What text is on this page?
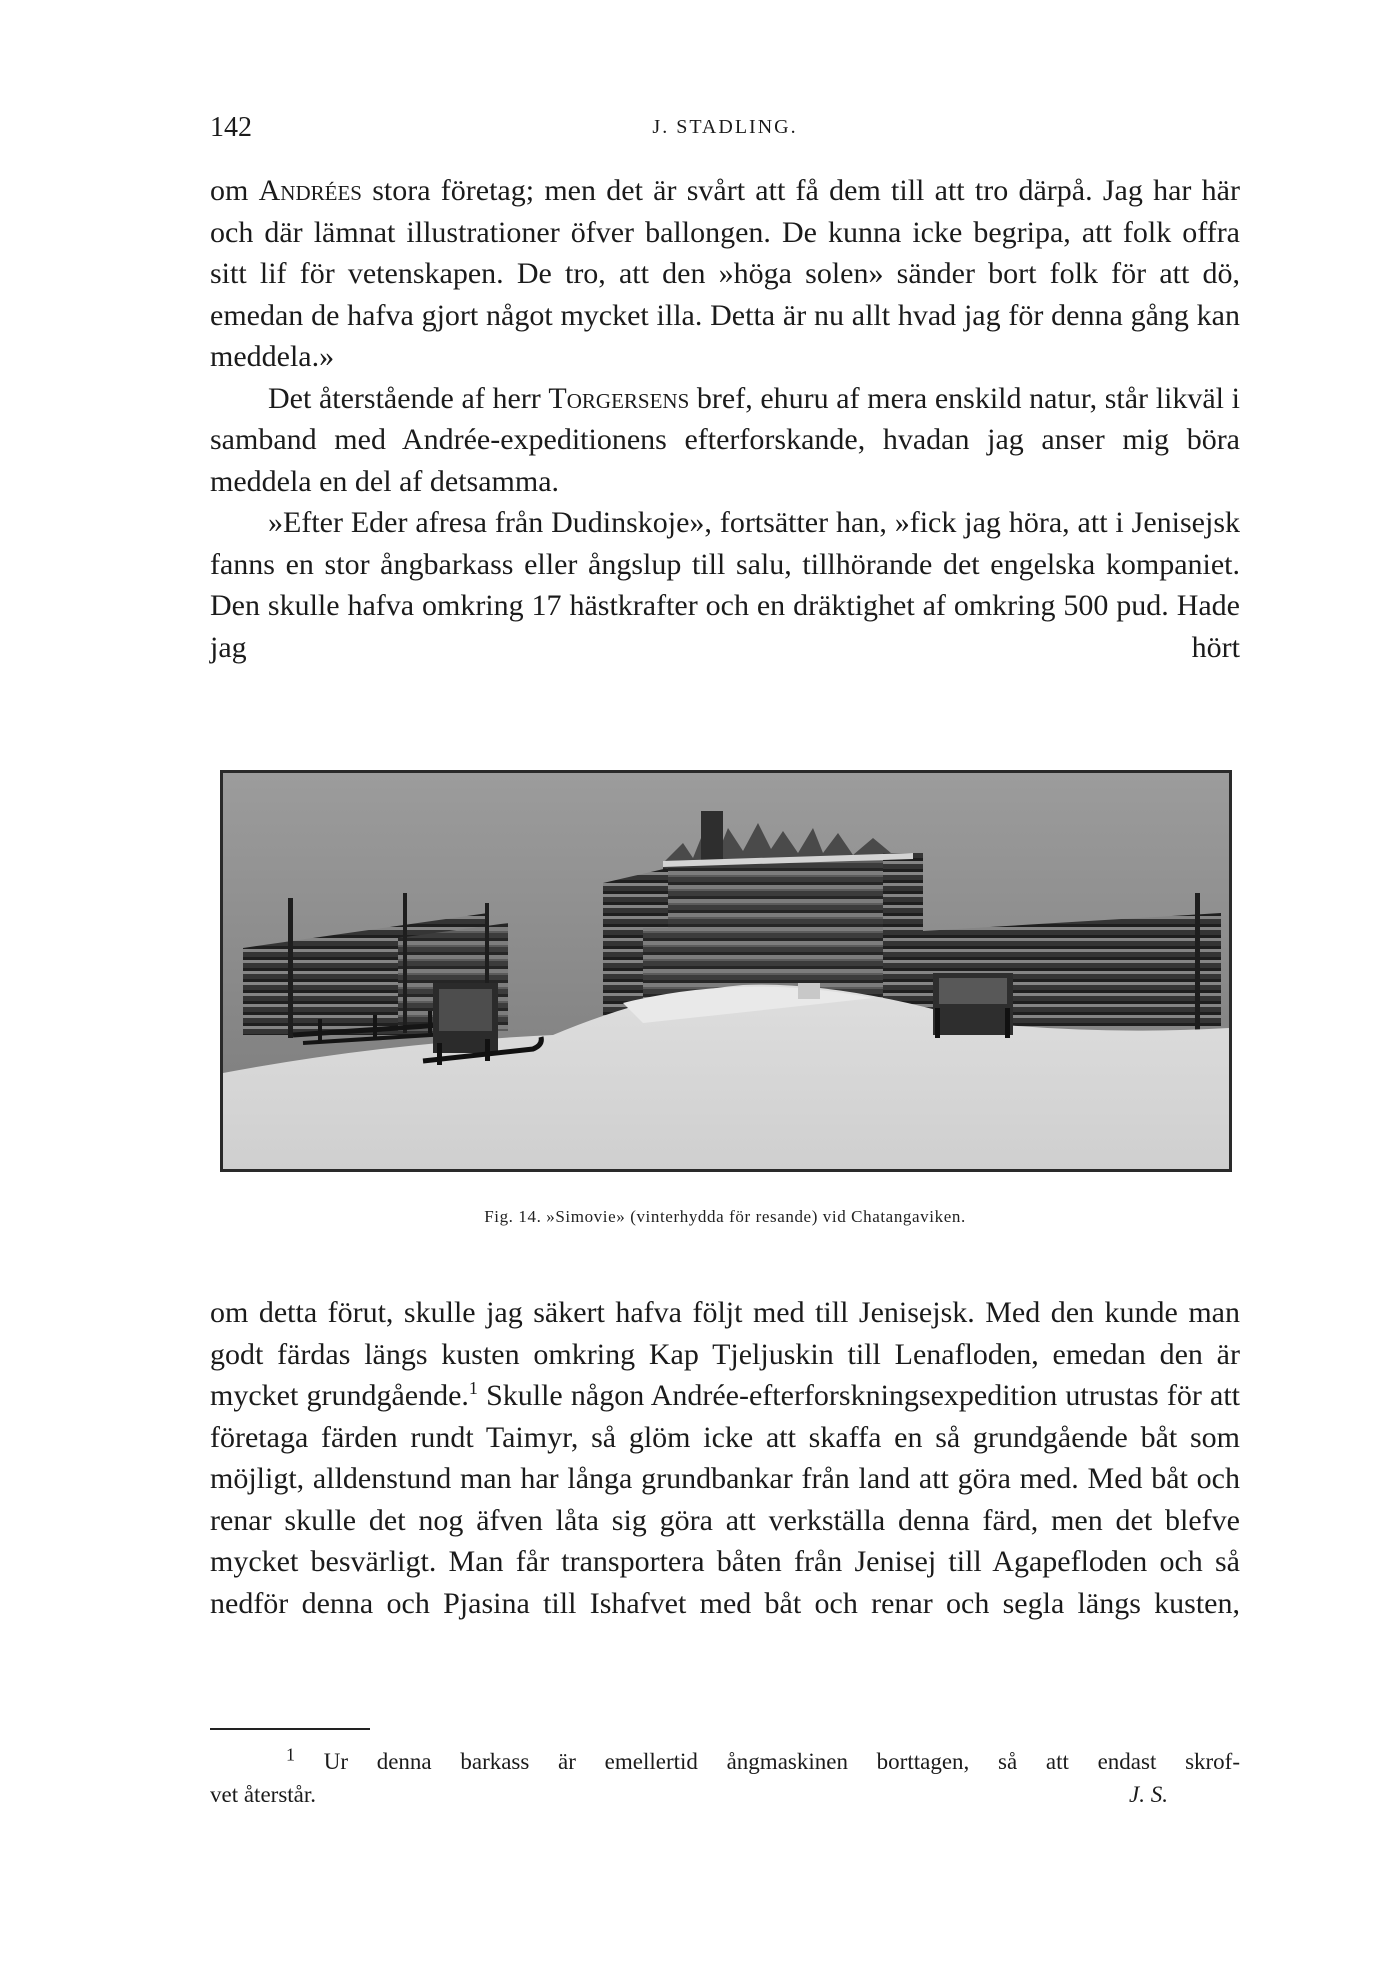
142	J. STADLING.

om Andrées stora företag; men det är svårt att få dem till att tro därpå. Jag har här och där lämnat illustrationer öfver ballongen. De kunna icke begripa, att folk offra sitt lif för vetenskapen. De tro, att den »höga solen» sänder bort folk för att dö, emedan de hafva gjort något mycket illa. Detta är nu allt hvad jag för denna gång kan meddela.»

Det återstående af herr Torgersens bref, ehuru af mera enskild natur, står likväl i samband med Andrée-expeditionens efterforskande, hvadan jag anser mig böra meddela en del af detsamma.

»Efter Eder afresa från Dudinskoje», fortsätter han, »fick jag höra, att i Jenisejsk fanns en stor ångbarkass eller ångslup till salu, tillhörande det engelska kompaniet. Den skulle hafva omkring 17 hästkrafter och en dräktighet af omkring 500 pud. Hade jag hört

Fig. 14. »Simovie» (vinterhydda för resande) vid Chatangaviken.

om detta förut, skulle jag säkert hafva följt med till Jenisejsk. Med den kunde man godt färdas längs kusten omkring Kap Tjeljuskin till Lenafloden, emedan den är mycket grundgående.$^1$ Skulle någon Andrée-efterforskningsexpedition utrustas för att företaga färden rundt Taimyr, så glöm icke att skaffa en så grundgående båt som möjligt, alldenstund man har långa grundbankar från land att göra med. Med båt och renar skulle det nog äfven låta sig göra att verkställa denna färd, men det blefve mycket besvärligt. Man får transportera båten från Jenisej till Agapefloden och så nedför denna och Pjasina till Ishafvet med båt och renar och segla längs kusten,

$^1$ Ur denna barkass är emellertid ångmaskinen borttagen, så att endast skrof-
vet återstår.	J. S.
